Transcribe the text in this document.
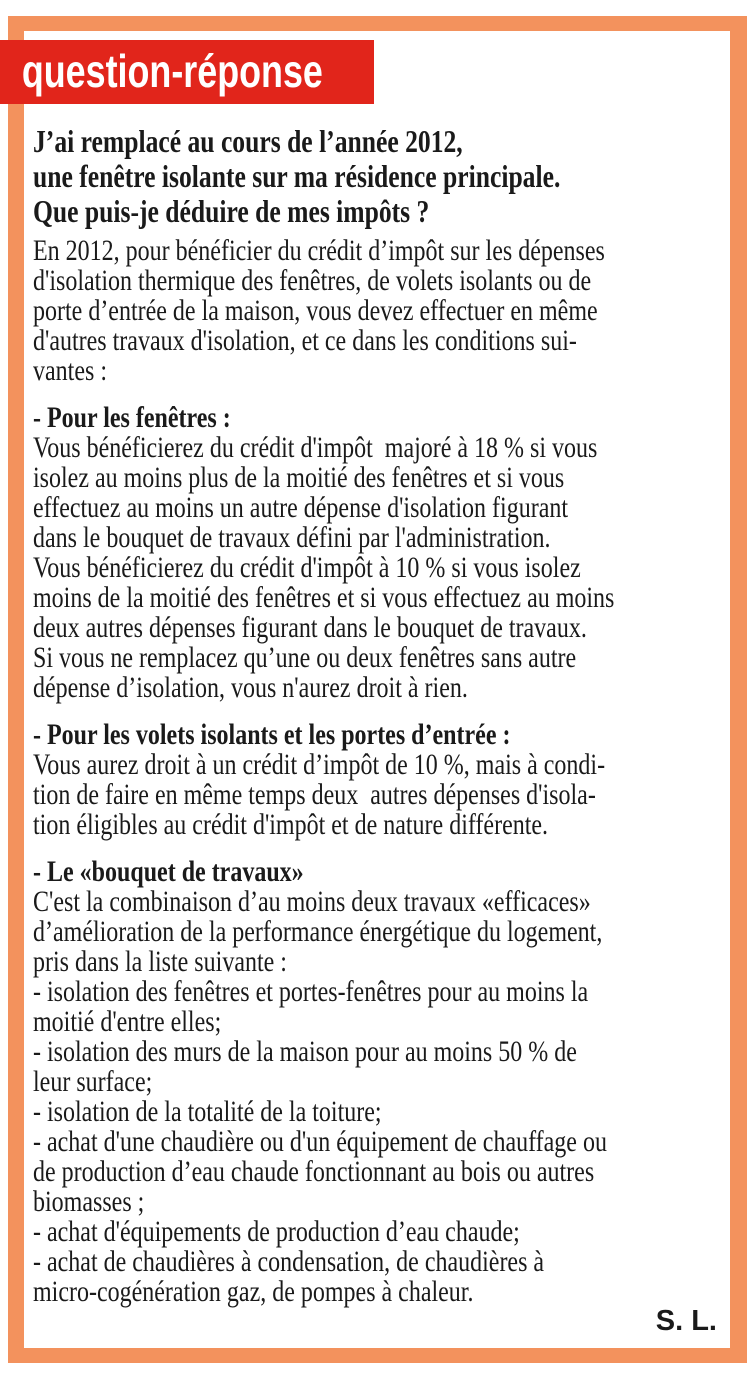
question-réponse
J’ai remplacé au cours de l’année 2012,
une fenêtre isolante sur ma résidence principale.
Que puis-je déduire de mes impôts ?
En 2012, pour bénéficier du crédit d’impôt sur les dépenses
d'isolation thermique des fenêtres, de volets isolants ou de
porte d’entrée de la maison, vous devez effectuer en même
d'autres travaux d'isolation, et ce dans les conditions sui-
vantes :
- Pour les fenêtres :
Vous bénéficierez du crédit d'impôt  majoré à 18 % si vous
isolez au moins plus de la moitié des fenêtres et si vous
effectuez au moins un autre dépense d'isolation figurant
dans le bouquet de travaux défini par l'administration.
Vous bénéficierez du crédit d'impôt à 10 % si vous isolez
moins de la moitié des fenêtres et si vous effectuez au moins
deux autres dépenses figurant dans le bouquet de travaux.
Si vous ne remplacez qu’une ou deux fenêtres sans autre
dépense d’isolation, vous n'aurez droit à rien.
- Pour les volets isolants et les portes d’entrée :
Vous aurez droit à un crédit d’impôt de 10 %, mais à condi-
tion de faire en même temps deux  autres dépenses d'isola-
tion éligibles au crédit d'impôt et de nature différente.
- Le «bouquet de travaux»
C'est la combinaison d’au moins deux travaux «efficaces»
d’amélioration de la performance énergétique du logement,
pris dans la liste suivante :
- isolation des fenêtres et portes-fenêtres pour au moins la
moitié d'entre elles;
- isolation des murs de la maison pour au moins 50 % de
leur surface;
- isolation de la totalité de la toiture;
- achat d'une chaudière ou d'un équipement de chauffage ou
de production d’eau chaude fonctionnant au bois ou autres
biomasses ;
- achat d'équipements de production d’eau chaude;
- achat de chaudières à condensation, de chaudières à
micro-cogénération gaz, de pompes à chaleur.
S. L.
